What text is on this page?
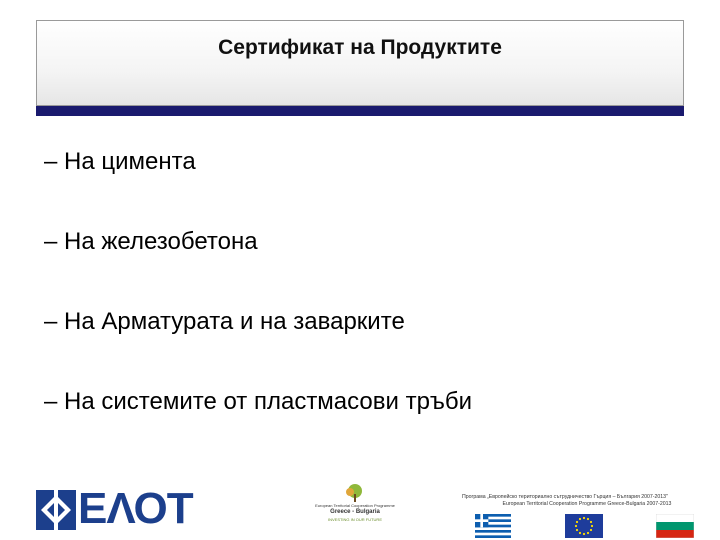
Сертификат на Продуктите
– На цимента
– На железобетона
– На Арматурата и на заварките
– На системите от пластмасови тръби
ΕΛΟΤ	European Territorial Cooperation Programme
Greece - Bulgaria
INVESTING IN OUR FUTURE
Програма „Европейско териториално сътрудничество Гърция – България 2007-2013"
European Territorial Cooperation Programme Greece-Bulgaria 2007-2013
